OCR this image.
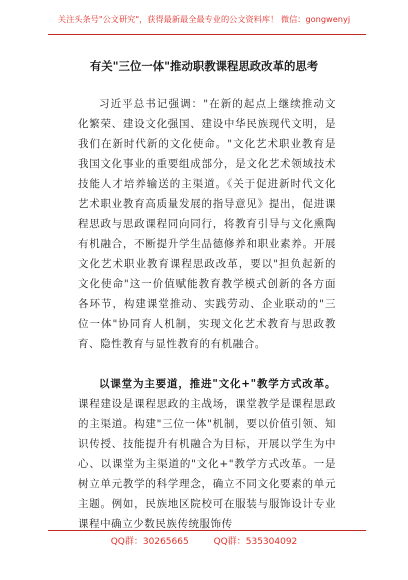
关注头条号"公文研究"，获得最新最全最专业的公文资料库！ 微信：gongwenyj
有关"三位一体"推动职教课程思政改革的思考

习近平总书记强调："在新的起点上继续推动文化繁荣、建设文化强国、建设中华民族现代文明，是我们在新时代新的文化使命。"文化艺术职业教育是我国文化事业的重要组成部分，是文化艺术领域技术技能人才培养输送的主渠道。《关于促进新时代文化艺术职业教育高质量发展的指导意见》提出，促进课程思政与思政课程同向同行，将教育引导与文化熏陶有机融合，不断提升学生品德修养和职业素养。开展文化艺术职业教育课程思政改革，要以"担负起新的文化使命"这一价值赋能教育教学模式创新的各方面各环节，构建课堂推动、实践劳动、企业联动的"三位一体"协同育人机制，实现文化艺术教育与思政教育、隐性教育与显性教育的有机融合。

以课堂为主要道，推进"文化+"教学方式改革。课程建设是课程思政的主战场，课堂教学是课程思政的主渠道。构建"三位一体"机制，要以价值引领、知识传授、技能提升有机融合为目标，开展以学生为中心、以课堂为主渠道的"文化+"教学方式改革。一是树立单元教学的科学理念，确立不同文化要素的单元主题。例如，民族地区院校可在服装与服饰设计专业课程中确立少数民族传统服饰传

QQ群：30265665	QQ群：535304092
